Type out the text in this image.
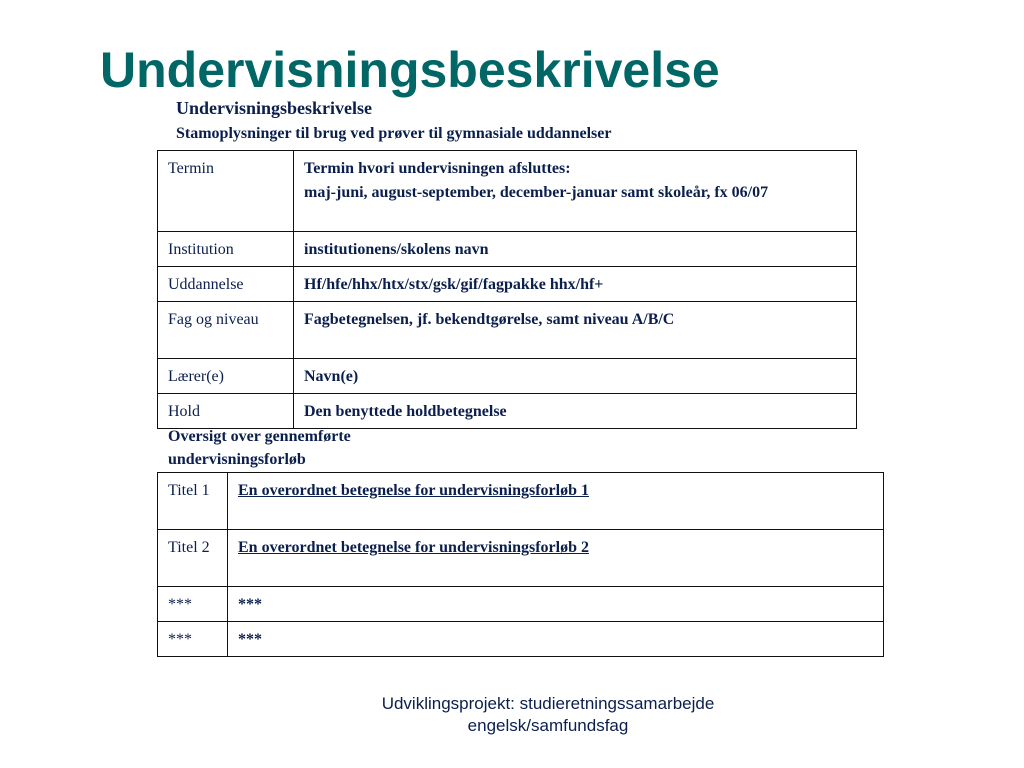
Undervisningsbeskrivelse
Undervisningsbeskrivelse
Stamoplysninger til brug ved prøver til gymnasiale uddannelser
Termin	Termin hvori undervisningen afsluttes:
maj-juni, august-september, december-januar samt skoleår, fx 06/07
Institution	institutionens/skolens navn
Uddannelse	Hf/hfe/hhx/htx/stx/gsk/gif/fagpakke hhx/hf+
Fag og niveau	Fagbetegnelsen, jf. bekendtgørelse, samt niveau A/B/C
Lærer(e)	Navn(e)
Hold	Den benyttede holdbetegnelse
Oversigt over gennemførte undervisningsforløb
Titel 1	En overordnet betegnelse for undervisningsforløb 1
Titel 2	En overordnet betegnelse for undervisningsforløb 2
***	***
***	***
Udviklingsprojekt: studieretningssamarbejde
engelsk/samfundsfag
